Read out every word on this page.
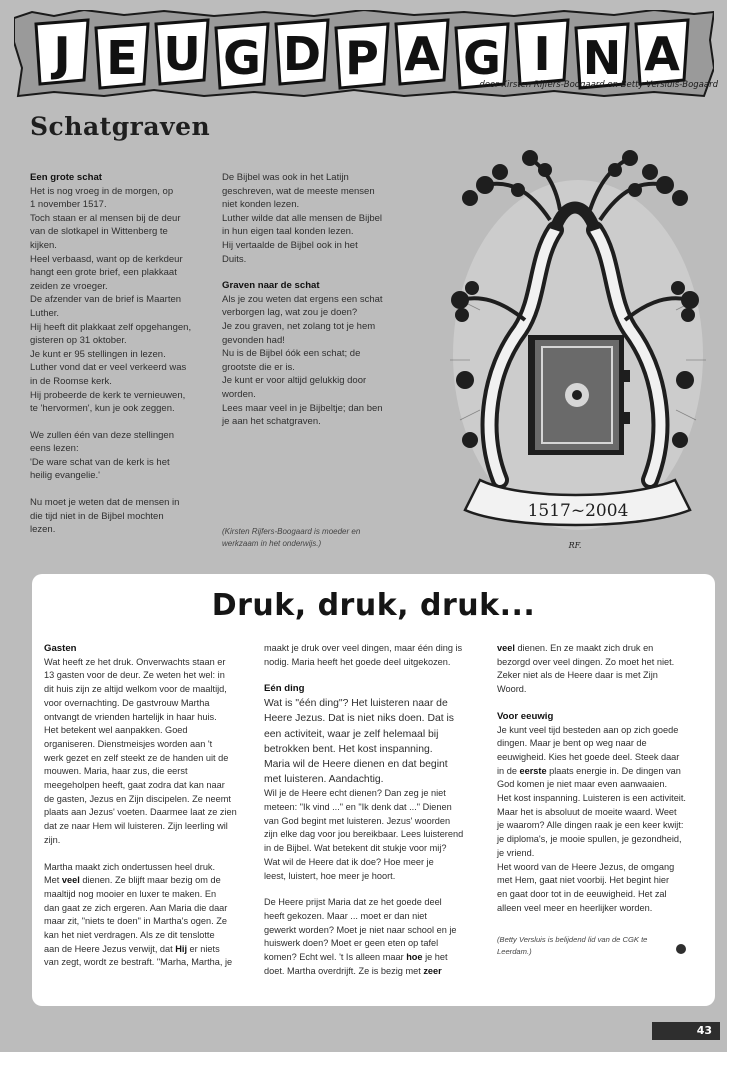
J E U G D P A G I N A
door Kirsten Rijfers-Boogaard en Betty Versluis-Bogaard
Schatgraven
Een grote schat
Het is nog vroeg in de morgen, op
1 november 1517.
Toch staan er al mensen bij de deur
van de slotkapel in Wittenberg te
kijken.
Heel verbaasd, want op de kerkdeur
hangt een grote brief, een plakkaat
zeiden ze vroeger.
De afzender van de brief is Maarten
Luther.
Hij heeft dit plakkaat zelf opgehangen,
gisteren op 31 oktober.
Je kunt er 95 stellingen in lezen.
Luther vond dat er veel verkeerd was
in de Roomse kerk.
Hij probeerde de kerk te vernieuwen,
te 'hervormen', kun je ook zeggen.
We zullen één van deze stellingen
eens lezen:
'De ware schat van de kerk is het
heilig evangelie.'
Nu moet je weten dat de mensen in
die tijd niet in de Bijbel mochten
lezen.
De Bijbel was ook in het Latijn
geschreven, wat de meeste mensen
niet konden lezen.
Luther wilde dat alle mensen de Bijbel
in hun eigen taal konden lezen.
Hij vertaalde de Bijbel ook in het
Duits.
Graven naar de schat
Als je zou weten dat ergens een schat
verborgen lag, wat zou je doen?
Je zou graven, net zolang tot je hem
gevonden had!
Nu is de Bijbel óók een schat; de
grootste die er is.
Je kunt er voor altijd gelukkig door
worden.
Lees maar veel in je Bijbeltje; dan ben
je aan het schatgraven.
(Kirsten Rijfers-Boogaard is moeder en
werkzaam in het onderwijs.)
1517~2004
RF.
Druk, druk, druk...
Gasten
Wat heeft ze het druk. Onverwachts staan er
13 gasten voor de deur. Ze weten het wel: in
dit huis zijn ze altijd welkom voor de maaltijd,
voor overnachting. De gastvrouw Martha
ontvangt de vrienden hartelijk in haar huis.
Het betekent wel aanpakken. Goed
organiseren. Dienstmeisjes worden aan 't
werk gezet en zelf steekt ze de handen uit de
mouwen. Maria, haar zus, die eerst
meegeholpen heeft, gaat zodra dat kan naar
de gasten, Jezus en Zijn discipelen. Ze neemt
plaats aan Jezus' voeten. Daarmee laat ze zien
dat ze naar Hem wil luisteren. Zijn leerling wil
zijn.
Martha maakt zich ondertussen heel druk.
Met veel dienen. Ze blijft maar bezig om de
maaltijd nog mooier en luxer te maken. En
dan gaat ze zich ergeren. Aan Maria die daar
maar zit, "niets te doen" in Martha's ogen. Ze
kan het niet verdragen. Als ze dit tenslotte
aan de Heere Jezus verwijt, dat Hij er niets
van zegt, wordt ze bestraft. "Marha, Martha, je
maakt je druk over veel dingen, maar één ding is
nodig. Maria heeft het goede deel uitgekozen.
Eén ding
Wat is "één ding"? Het luisteren naar de
Heere Jezus. Dat is niet niks doen. Dat is
een activiteit, waar je zelf helemaal bij
betrokken bent. Het kost inspanning.
Maria wil de Heere dienen en dat begint
met luisteren. Aandachtig.
Wil je de Heere echt dienen? Dan zeg je niet
meteen: "Ik vind ..." en "Ik denk dat ..." Dienen
van God begint met luisteren. Jezus' woorden
zijn elke dag voor jou bereikbaar. Lees luisterend
in de Bijbel. Wat betekent dit stukje voor mij?
Wat wil de Heere dat ik doe? Hoe meer je
leest, luistert, hoe meer je hoort.
De Heere prijst Maria dat ze het goede deel
heeft gekozen. Maar ... moet er dan niet
gewerkt worden? Moet je niet naar school en je
huiswerk doen? Moet er geen eten op tafel
komen? Echt wel. 't Is alleen maar hoe je het
doet. Martha overdrijft. Ze is bezig met zeer
veel dienen. En ze maakt zich druk en
bezorgd over veel dingen. Zo moet het niet.
Zeker niet als de Heere daar is met Zijn
Woord.
Voor eeuwig
Je kunt veel tijd besteden aan op zich goede
dingen. Maar je bent op weg naar de
eeuwigheid. Kies het goede deel. Steek daar
in de eerste plaats energie in. De dingen van
God komen je niet maar even aanwaaien.
Het kost inspanning. Luisteren is een activiteit.
Maar het is absoluut de moeite waard. Weet
je waarom? Alle dingen raak je een keer kwijt:
je diploma's, je mooie spullen, je gezondheid,
je vriend.
Het woord van de Heere Jezus, de omgang
met Hem, gaat niet voorbij. Het begint hier
en gaat door tot in de eeuwigheid. Het zal
alleen veel meer en heerlijker worden.
(Betty Versluis is belijdend lid van de CGK te
Leerdam.)
43
